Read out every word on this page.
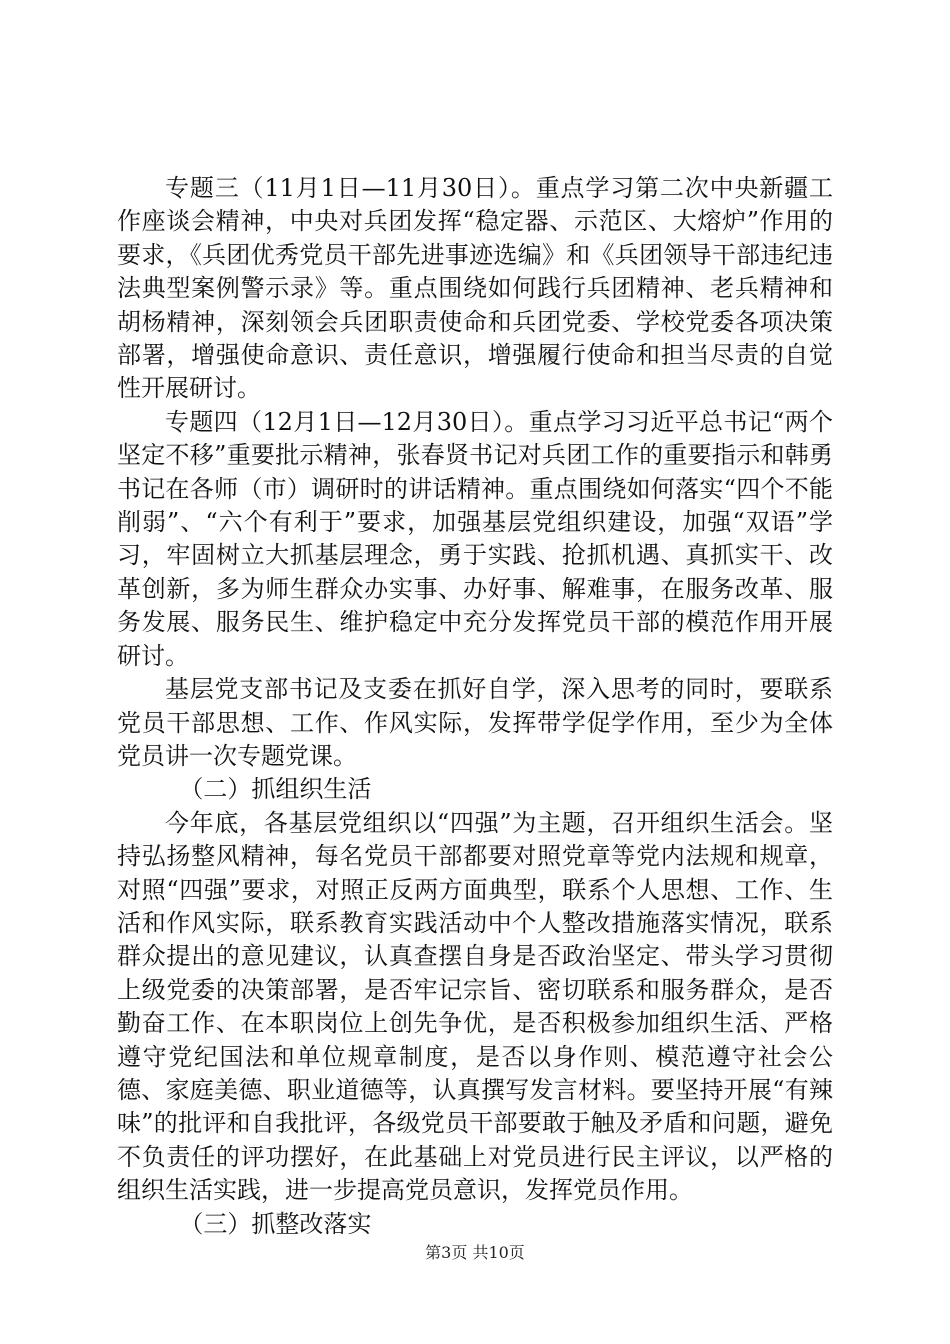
专题三（11月1日—11月30日）。重点学习第二次中央新疆工作座谈会精神，中央对兵团发挥“稳定器、示范区、大熔炉”作用的要求，《兵团优秀党员干部先进事迹选编》和《兵团领导干部违纪违法典型案例警示录》等。重点围绕如何践行兵团精神、老兵精神和胡杨精神，深刻领会兵团职责使命和兵团党委、学校党委各项决策部署，增强使命意识、责任意识，增强履行使命和担当尽责的自觉性开展研讨。

专题四（12月1日—12月30日）。重点学习习近平总书记“两个坚定不移”重要批示精神，张春贤书记对兵团工作的重要指示和韩勇书记在各师（市）调研时的讲话精神。重点围绕如何落实“四个不能削弱”、“六个有利于”要求，加强基层党组织建设，加强“双语”学习，牢固树立大抓基层理念，勇于实践、抢抓机遇、真抓实干、改革创新，多为师生群众办实事、办好事、解难事，在服务改革、服务发展、服务民生、维护稳定中充分发挥党员干部的模范作用开展研讨。

基层党支部书记及支委在抓好自学，深入思考的同时，要联系党员干部思想、工作、作风实际，发挥带学促学作用，至少为全体党员讲一次专题党课。

（二）抓组织生活

今年底，各基层党组织以“四强”为主题，召开组织生活会。坚持弘扬整风精神，每名党员干部都要对照党章等党内法规和规章，对照“四强”要求，对照正反两方面典型，联系个人思想、工作、生活和作风实际，联系教育实践活动中个人整改措施落实情况，联系群众提出的意见建议，认真查摆自身是否政治坚定、带头学习贯彻上级党委的决策部署，是否牢记宗旨、密切联系和服务群众，是否勤奋工作、在本职岗位上创先争优，是否积极参加组织生活、严格遵守党纪国法和单位规章制度，是否以身作则、模范遵守社会公德、家庭美德、职业道德等，认真撰写发言材料。要坚持开展“有辣味”的批评和自我批评，各级党员干部要敢于触及矛盾和问题，避免不负责任的评功摆好，在此基础上对党员进行民主评议，以严格的组织生活实践，进一步提高党员意识，发挥党员作用。

（三）抓整改落实

第3页 共10页
